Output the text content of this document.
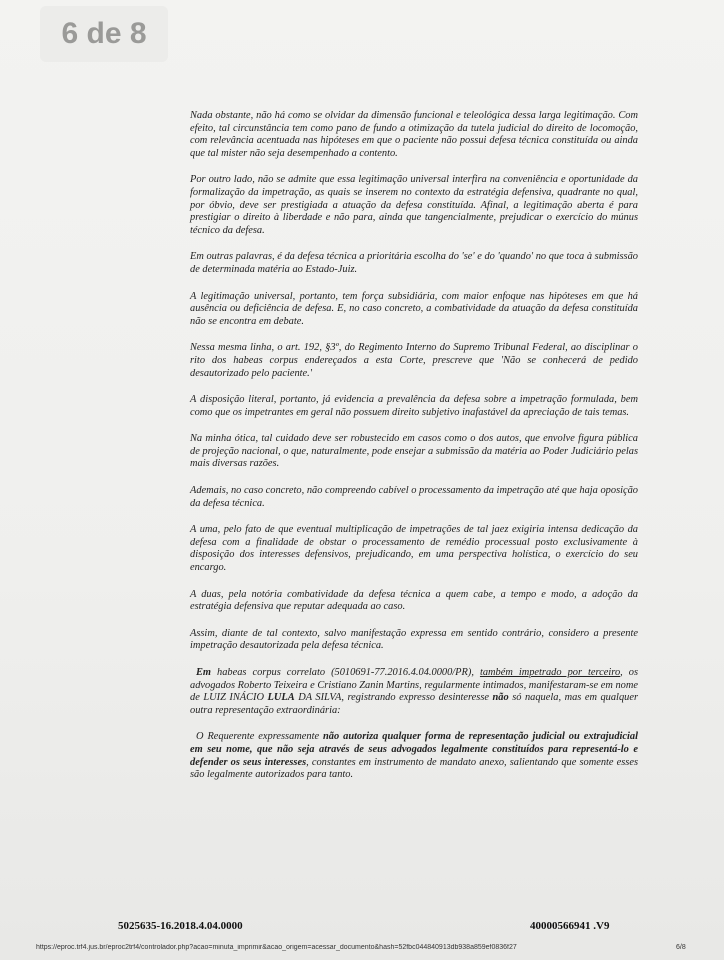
6 de 8

Nada obstante, não há como se olvidar da dimensão funcional e teleológica dessa larga legitimação. Com efeito, tal circunstância tem como pano de fundo a otimização da tutela judicial do direito de locomoção, com relevância acentuada nas hipóteses em que o paciente não possui defesa técnica constituída ou ainda que tal mister não seja desempenhado a contento.

Por outro lado, não se admite que essa legitimação universal interfira na conveniência e oportunidade da formalização da impetração, as quais se inserem no contexto da estratégia defensiva, quadrante no qual, por óbvio, deve ser prestigiada a atuação da defesa constituída. Afinal, a legitimação aberta é para prestigiar o direito à liberdade e não para, ainda que tangencialmente, prejudicar o exercício do múnus técnico da defesa.

Em outras palavras, é da defesa técnica a prioritária escolha do 'se' e do 'quando' no que toca à submissão de determinada matéria ao Estado-Juiz.

A legitimação universal, portanto, tem força subsidiária, com maior enfoque nas hipóteses em que há ausência ou deficiência de defesa. E, no caso concreto, a combatividade da atuação da defesa constituída não se encontra em debate.

Nessa mesma linha, o art. 192, §3º, do Regimento Interno do Supremo Tribunal Federal, ao disciplinar o rito dos habeas corpus endereçados a esta Corte, prescreve que 'Não se conhecerá de pedido desautorizado pelo paciente.'

A disposição literal, portanto, já evidencia a prevalência da defesa sobre a impetração formulada, bem como que os impetrantes em geral não possuem direito subjetivo inafastável da apreciação de tais temas.

Na minha ótica, tal cuidado deve ser robustecido em casos como o dos autos, que envolve figura pública de projeção nacional, o que, naturalmente, pode ensejar a submissão da matéria ao Poder Judiciário pelas mais diversas razões.

Ademais, no caso concreto, não compreendo cabível o processamento da impetração até que haja oposição da defesa técnica.

A uma, pelo fato de que eventual multiplicação de impetrações de tal jaez exigiria intensa dedicação da defesa com a finalidade de obstar o processamento de remédio processual posto exclusivamente à disposição dos interesses defensivos, prejudicando, em uma perspectiva holística, o exercício do seu encargo.

A duas, pela notória combatividade da defesa técnica a quem cabe, a tempo e modo, a adoção da estratégia defensiva que reputar adequada ao caso.

Assim, diante de tal contexto, salvo manifestação expressa em sentido contrário, considero a presente impetração desautorizada pela defesa técnica.

Em habeas corpus correlato (5010691-77.2016.4.04.0000/PR), também impetrado por terceiro, os advogados Roberto Teixeira e Cristiano Zanin Martins, regularmente intimados, manifestaram-se em nome de LUIZ INÁCIO LULA DA SILVA, registrando expresso desinteresse não só naquela, mas em qualquer outra representação extraordinária:

O Requerente expressamente não autoriza qualquer forma de representação judicial ou extrajudicial em seu nome, que não seja através de seus advogados legalmente constituídos para representá-lo e defender os seus interesses, constantes em instrumento de mandato anexo, salientando que somente esses são legalmente autorizados para tanto.

5025635-16.2018.4.04.0000	40000566941 .V9
https://eproc.trf4.jus.br/eproc2trf4/controlador.php?acao=minuta_imprimir&acao_origem=acessar_documento&hash=52fbc044840913db938a859ef0836f27	6/8
